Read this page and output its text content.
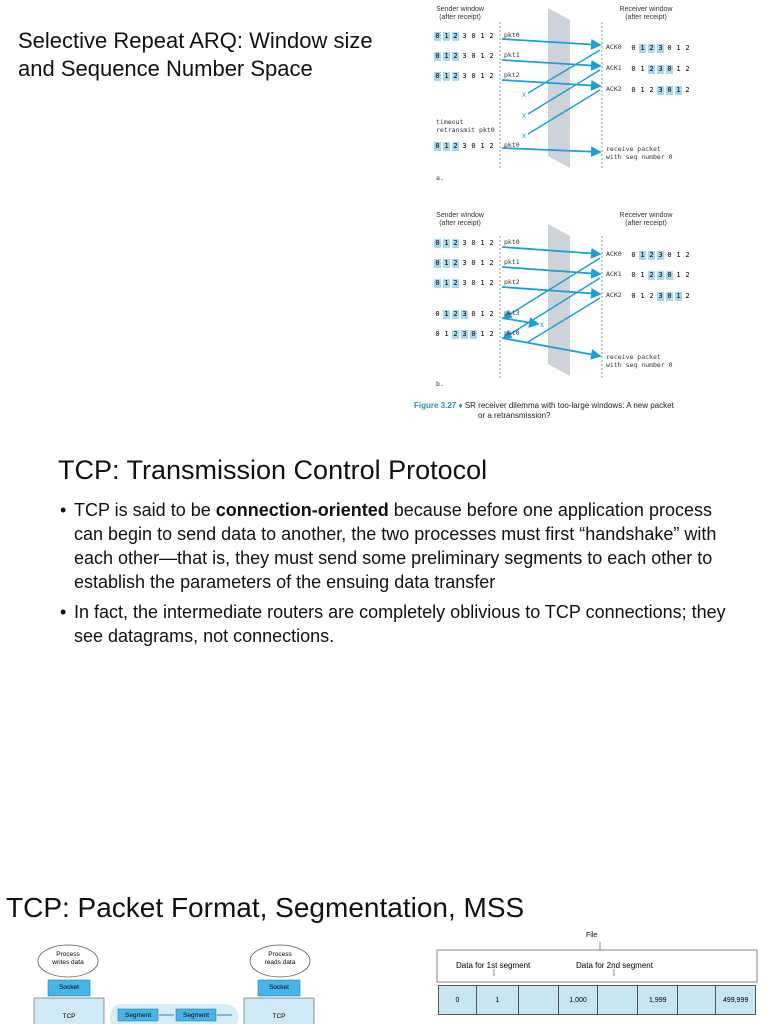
Selective Repeat ARQ: Window size
and Sequence Number Space
x
x
x
x
Sender window
(after receipt)
Receiver window
(after receipt)
0 1 2 3 0 1 2 pkt0
0 1 2 3 0 1 2 pkt1
0 1 2 3 0 1 2 pkt2
ACK0 0 1 2 3 0 1 2
ACK1 0 1 2 3 0 1 2
ACK2 0 1 2 3 0 1 2
timeout
retransmit pkt0
0 1 2 3 0 1 2 pkt0	receive packet
with seq number 0
a.
Sender window
(after receipt)
Receiver window
(after receipt)
0 1 2 3 0 1 2 pkt0
0 1 2 3 0 1 2 pkt1
0 1 2 3 0 1 2 pkt2
0 1 2 3 0 1 2 pkt3
0 1 2 3 0 1 2 pkt0
ACK0 0 1 2 3 0 1 2
ACK1 0 1 2 3 0 1 2
ACK2 0 1 2 3 0 1 2
receive packet
with seq number 0
b.
Figure 3.27 ♦ SR receiver dilemma with too-large windows: A new packet
or a retransmission?
TCP: Transmission Control Protocol
• TCP is said to be connection-oriented because before one application process can begin to send data to another, the two processes must first “handshake” with each other—that is, they must send some preliminary segments to each other to establish the parameters of the ensuing data transfer
• In fact, the intermediate routers are completely oblivious to TCP connections; they see datagrams, not connections.
TCP: Packet Format, Segmentation, MSS
Process
writes data
Process
reads data
Socket	Socket
TCP	TCP
Segment	Segment
File
Data for 1st segment	Data for 2nd segment
0	1	1,000	1,999	499,999
